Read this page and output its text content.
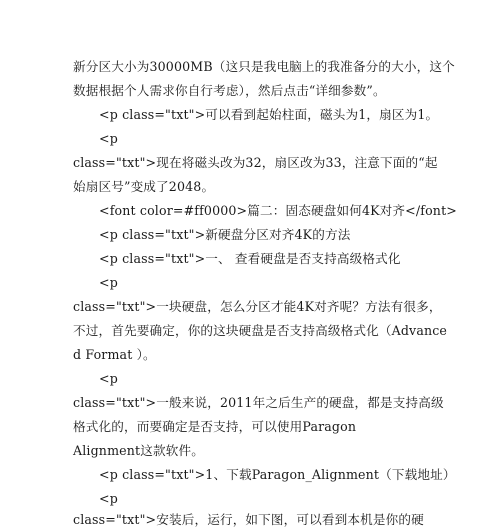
新分区大小为30000MB（这只是我电脑上的我准备分的大小，这个
数据根据个人需求你自行考虑），然后点击“详细参数”。
<p class="txt">可以看到起始柱面，磁头为1，扇区为1。
<p
class="txt">现在将磁头改为32，扇区改为33，注意下面的“起
始扇区号”变成了2048。
<font color=#ff0000>篇二：固态硬盘如何4K对齐</font>
<p class="txt">新硬盘分区对齐4K的方法
<p class="txt">一、 查看硬盘是否支持高级格式化
<p
class="txt">一块硬盘，怎么分区才能4K对齐呢？方法有很多，
不过，首先要确定，你的这块硬盘是否支持高级格式化（Advance
d Format ）。
<p
class="txt">一般来说，2011年之后生产的硬盘，都是支持高级
格式化的，而要确定是否支持，可以使用Paragon
Alignment这款软件。
<p class="txt">1、下载Paragon_Alignment（下载地址）
<p
class="txt">安装后，运行，如下图，可以看到本机是你的硬
